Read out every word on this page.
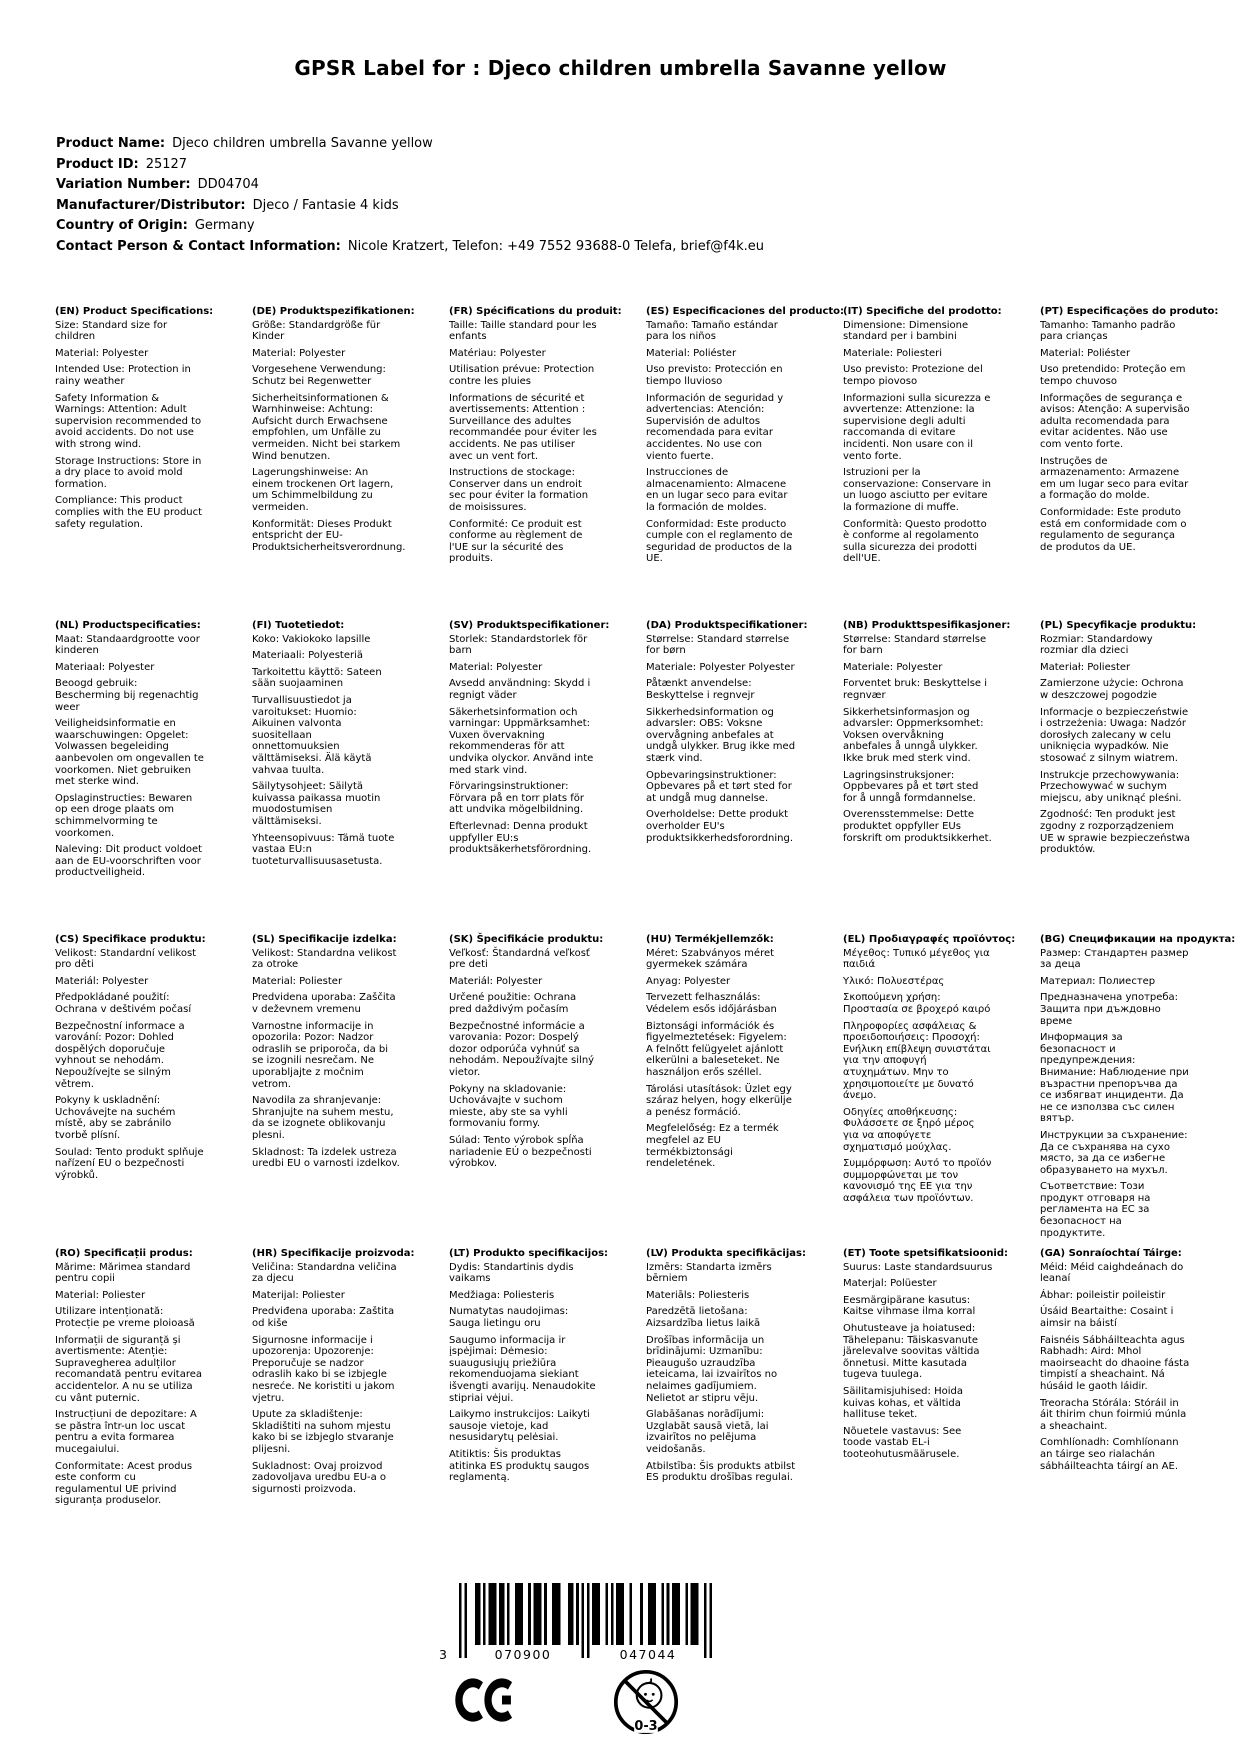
GPSR Label for : Djeco children umbrella Savanne yellow
Product Name: Djeco children umbrella Savanne yellow
Product ID: 25127
Variation Number: DD04704
Manufacturer/Distributor: Djeco / Fantasie 4 kids
Country of Origin: Germany
Contact Person & Contact Information: Nicole Kratzert, Telefon: +49 7552 93688-0 Telefa, brief@f4k.eu
(EN) Product Specifications:

Size: Standard size for children

Material: Polyester

Intended Use: Protection in rainy weather

Safety Information & Warnings: Attention: Adult supervision recommended to avoid accidents. Do not use with strong wind.

Storage Instructions: Store in a dry place to avoid mold formation.

Compliance: This product complies with the EU product safety regulation.

(DE) Produktspezifikationen:

Größe: Standardgröße für Kinder

Material: Polyester

Vorgesehene Verwendung: Schutz bei Regenwetter

Sicherheitsinformationen & Warnhinweise: Achtung: Aufsicht durch Erwachsene empfohlen, um Unfälle zu vermeiden. Nicht bei starkem Wind benutzen.

Lagerungshinweise: An einem trockenen Ort lagern, um Schimmelbildung zu vermeiden.

Konformität: Dieses Produkt entspricht der EU-Produktsicherheitsverordnung.

(FR) Spécifications du produit:

Taille: Taille standard pour les enfants

Matériau: Polyester

Utilisation prévue: Protection contre les pluies

Informations de sécurité et avertissements: Attention : Surveillance des adultes recommandée pour éviter les accidents. Ne pas utiliser avec un vent fort.

Instructions de stockage: Conserver dans un endroit sec pour éviter la formation de moisissures.

Conformité: Ce produit est conforme au règlement de l'UE sur la sécurité des produits.

(ES) Especificaciones del producto:

Tamaño: Tamaño estándar para los niños

Material: Poliéster

Uso previsto: Protección en tiempo lluvioso

Información de seguridad y advertencias: Atención: Supervisión de adultos recomendada para evitar accidentes. No use con viento fuerte.

Instrucciones de almacenamiento: Almacene en un lugar seco para evitar la formación de moldes.

Conformidad: Este producto cumple con el reglamento de seguridad de productos de la UE.

(IT) Specifiche del prodotto:

Dimensione: Dimensione standard per i bambini

Materiale: Poliesteri

Uso previsto: Protezione del tempo piovoso

Informazioni sulla sicurezza e avvertenze: Attenzione: la supervisione degli adulti raccomanda di evitare incidenti. Non usare con il vento forte.

Istruzioni per la conservazione: Conservare in un luogo asciutto per evitare la formazione di muffe.

Conformità: Questo prodotto è conforme al regolamento sulla sicurezza dei prodotti dell'UE.

(PT) Especificações do produto:

Tamanho: Tamanho padrão para crianças

Material: Poliéster

Uso pretendido: Proteção em tempo chuvoso

Informações de segurança e avisos: Atenção: A supervisão adulta recomendada para evitar acidentes. Não use com vento forte.

Instruções de armazenamento: Armazene em um lugar seco para evitar a formação do molde.

Conformidade: Este produto está em conformidade com o regulamento de segurança de produtos da UE.

(NL) Productspecificaties:

Maat: Standaardgrootte voor kinderen

Materiaal: Polyester

Beoogd gebruik: Bescherming bij regenachtig weer

Veiligheidsinformatie en waarschuwingen: Opgelet: Volwassen begeleiding aanbevolen om ongevallen te voorkomen. Niet gebruiken met sterke wind.

Opslaginstructies: Bewaren op een droge plaats om schimmelvorming te voorkomen.

Naleving: Dit product voldoet aan de EU-voorschriften voor productveiligheid.

(FI) Tuotetiedot:

Koko: Vakiokoko lapsille

Materiaali: Polyesteriä

Tarkoitettu käyttö: Sateen sään suojaaminen

Turvallisuustiedot ja varoitukset: Huomio: Aikuinen valvonta suositellaan onnettomuuksien välttämiseksi. Älä käytä vahvaa tuulta.

Säilytysohjeet: Säilytä kuivassa paikassa muotin muodostumisen välttämiseksi.

Yhteensopivuus: Tämä tuote vastaa EU:n tuoteturvallisuusasetusta.

(SV) Produktspecifikationer:

Storlek: Standardstorlek för barn

Material: Polyester

Avsedd användning: Skydd i regnigt väder

Säkerhetsinformation och varningar: Uppmärksamhet: Vuxen övervakning rekommenderas för att undvika olyckor. Använd inte med stark vind.

Förvaringsinstruktioner: Förvara på en torr plats för att undvika mögelbildning.

Efterlevnad: Denna produkt uppfyller EU:s produktsäkerhetsförordning.

(DA) Produktspecifikationer:

Størrelse: Standard størrelse for børn

Materiale: Polyester Polyester

Påtænkt anvendelse: Beskyttelse i regnvejr

Sikkerhedsinformation og advarsler: OBS: Voksne overvågning anbefales at undgå ulykker. Brug ikke med stærk vind.

Opbevaringsinstruktioner: Opbevares på et tørt sted for at undgå mug dannelse.

Overholdelse: Dette produkt overholder EU's produktsikkerhedsforordning.

(NB) Produkttspesifikasjoner:

Størrelse: Standard størrelse for barn

Materiale: Polyester

Forventet bruk: Beskyttelse i regnvær

Sikkerhetsinformasjon og advarsler: Oppmerksomhet: Voksen overvåkning anbefales å unngå ulykker. Ikke bruk med sterk vind.

Lagringsinstruksjoner: Oppbevares på et tørt sted for å unngå formdannelse.

Overensstemmelse: Dette produktet oppfyller EUs forskrift om produktsikkerhet.

(PL) Specyfikacje produktu:

Rozmiar: Standardowy rozmiar dla dzieci

Materiał: Poliester

Zamierzone użycie: Ochrona w deszczowej pogodzie

Informacje o bezpieczeństwie i ostrzeżenia: Uwaga: Nadzór dorosłych zalecany w celu uniknięcia wypadków. Nie stosować z silnym wiatrem.

Instrukcje przechowywania: Przechowywać w suchym miejscu, aby uniknąć pleśni.

Zgodność: Ten produkt jest zgodny z rozporządzeniem UE w sprawie bezpieczeństwa produktów.

(CS) Specifikace produktu:

Velikost: Standardní velikost pro děti

Materiál: Polyester

Předpokládané použití: Ochrana v deštivém počasí

Bezpečnostní informace a varování: Pozor: Dohled dospělých doporučuje vyhnout se nehodám. Nepoužívejte se silným větrem.

Pokyny k uskladnění: Uchovávejte na suchém místě, aby se zabránilo tvorbě plísní.

Soulad: Tento produkt splňuje nařízení EU o bezpečnosti výrobků.

(SL) Specifikacije izdelka:

Velikost: Standardna velikost za otroke

Material: Poliester

Predvidena uporaba: Zaščita v deževnem vremenu

Varnostne informacije in opozorila: Pozor: Nadzor odraslih se priporoča, da bi se izognili nesrečam. Ne uporabljajte z močnim vetrom.

Navodila za shranjevanje: Shranjujte na suhem mestu, da se izognete oblikovanju plesni.

Skladnost: Ta izdelek ustreza uredbi EU o varnosti izdelkov.

(SK) Špecifikácie produktu:

Veľkosť: Štandardná veľkosť pre deti

Materiál: Polyester

Určené použitie: Ochrana pred daždivým počasím

Bezpečnostné informácie a varovania: Pozor: Dospelý dozor odporúča vyhnúť sa nehodám. Nepoužívajte silný vietor.

Pokyny na skladovanie: Uchovávajte v suchom mieste, aby ste sa vyhli formovaniu formy.

Súlad: Tento výrobok spĺňa nariadenie EÚ o bezpečnosti výrobkov.

(HU) Termékjellemzők:

Méret: Szabványos méret gyermekek számára

Anyag: Polyester

Tervezett felhasználás: Védelem esős időjárásban

Biztonsági információk és figyelmeztetések: Figyelem: A felnőtt felügyelet ajánlott elkerülni a baleseteket. Ne használjon erős széllel.

Tárolási utasítások: Üzlet egy száraz helyen, hogy elkerülje a penész formáció.

Megfelelőség: Ez a termék megfelel az EU termékbiztonsági rendeletének.

(EL) Προδιαγραφές προϊόντος:

Μέγεθος: Τυπικό μέγεθος για παιδιά

Υλικό: Πολυεστέρας

Σκοπούμενη χρήση: Προστασία σε βροχερό καιρό

Πληροφορίες ασφάλειας & προειδοποιήσεις: Προσοχή: Ενήλικη επίβλεψη συνιστάται για την αποφυγή ατυχημάτων. Μην το χρησιμοποιείτε με δυνατό άνεμο.

Οδηγίες αποθήκευσης: Φυλάσσετε σε ξηρό μέρος για να αποφύγετε σχηματισμό μούχλας.

Συμμόρφωση: Αυτό το προϊόν συμμορφώνεται με τον κανονισμό της ΕΕ για την ασφάλεια των προϊόντων.

(BG) Спецификации на продукта:

Размер: Стандартен размер за деца

Материал: Полиестер

Предназначена употреба: Защита при дъждовно време

Информация за безопасност и предупреждения: Внимание: Наблюдение при възрастни препоръчва да се избягват инциденти. Да не се използва със силен вятър.

Инструкции за съхранение: Да се съхранява на сухо място, за да се избегне образуването на мухъл.

Съответствие: Този продукт отговаря на регламента на ЕС за безопасност на продуктите.

(RO) Specificații produs:

Mărime: Mărimea standard pentru copii

Material: Poliester

Utilizare intenționată: Protecție pe vreme ploioasă

Informații de siguranță și avertismente: Atenție: Supravegherea adulților recomandată pentru evitarea accidentelor. A nu se utiliza cu vânt puternic.

Instrucțiuni de depozitare: A se păstra într-un loc uscat pentru a evita formarea mucegaiului.

Conformitate: Acest produs este conform cu regulamentul UE privind siguranța produselor.

(HR) Specifikacije proizvoda:

Veličina: Standardna veličina za djecu

Materijal: Poliester

Predviđena uporaba: Zaštita od kiše

Sigurnosne informacije i upozorenja: Upozorenje: Preporučuje se nadzor odraslih kako bi se izbjegle nesreće. Ne koristiti u jakom vjetru.

Upute za skladištenje: Skladištiti na suhom mjestu kako bi se izbjeglo stvaranje plijesni.

Sukladnost: Ovaj proizvod zadovoljava uredbu EU-a o sigurnosti proizvoda.

(LT) Produkto specifikacijos:

Dydis: Standartinis dydis vaikams

Medžiaga: Poliesteris

Numatytas naudojimas: Sauga lietingu oru

Saugumo informacija ir įspėjimai: Dėmesio: suaugusiųjų priežiūra rekomenduojama siekiant išvengti avarijų. Nenaudokite stipriai vėjui.

Laikymo instrukcijos: Laikyti sausoje vietoje, kad nesusidarytų pelėsiai.

Atitiktis: Šis produktas atitinka ES produktų saugos reglamentą.

(LV) Produkta specifikācijas:

Izmērs: Standarta izmērs bērniem

Materiāls: Poliesteris

Paredzētā lietošana: Aizsardzība lietus laikā

Drošības informācija un brīdinājumi: Uzmanību: Pieaugušo uzraudzība ieteicama, lai izvairītos no nelaimes gadījumiem. Nelietot ar stipru vēju.

Glabāšanas norādījumi: Uzglabāt sausā vietā, lai izvairītos no pelējuma veidošanās.

Atbilstība: Šis produkts atbilst ES produktu drošības regulai.

(ET) Toote spetsifikatsioonid:

Suurus: Laste standardsuurus

Materjal: Polüester

Eesmärgipärane kasutus: Kaitse vihmase ilma korral

Ohutusteave ja hoiatused: Tähelepanu: Täiskasvanute järelevalve soovitas vältida õnnetusi. Mitte kasutada tugeva tuulega.

Säilitamisjuhised: Hoida kuivas kohas, et vältida hallituse teket.

Nõuetele vastavus: See toode vastab EL-i tooteohutusmäärusele.

(GA) Sonraíochtaí Táirge:

Méid: Méid caighdeánach do leanaí

Ábhar: poileistir poileistir

Úsáid Beartaithe: Cosaint i aimsir na báistí

Faisnéis Sábháilteachta agus Rabhadh: Aird: Mhol maoirseacht do dhaoine fásta timpistí a sheachaint. Ná húsáid le gaoth láidir.

Treoracha Stórála: Stóráil in áit thirim chun foirmiú múnla a sheachaint.

Comhlíonadh: Comhlíonann an táirge seo rialachán sábháilteachta táirgí an AE.

3	070900	047044
0-3
